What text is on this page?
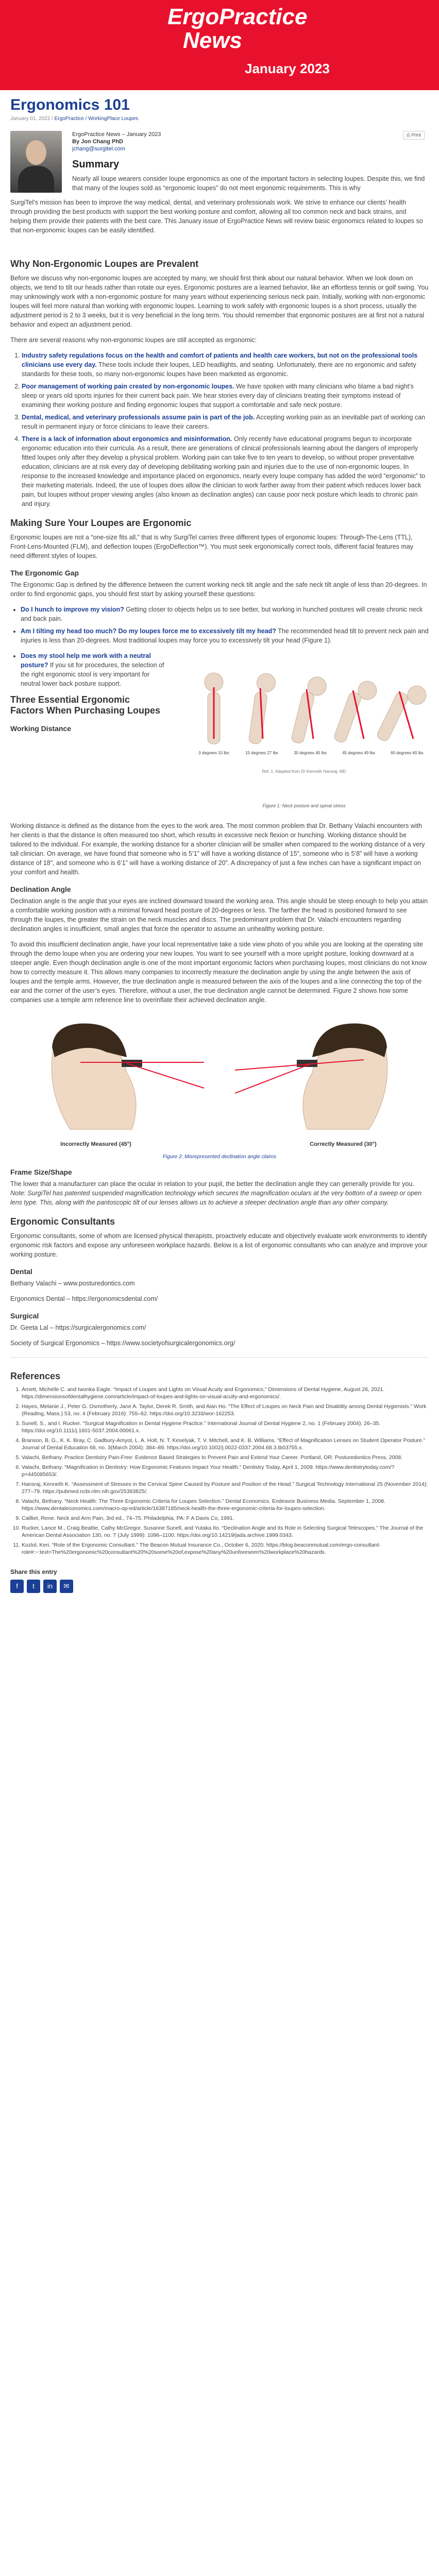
ErgoPractice
News
January 2023
Ergonomics 101
January 01, 2022 / ErgoPractice / WorkingPlace Loupes
ErgoPractice News – January 2023
By Jon Chang PhD
jchang@surgitel.com
⎙ Print
Summary
Nearly all loupe wearers consider loupe ergonomics as one of the important factors in selecting loupes. Despite this, we find that many of the loupes sold as “ergonomic loupes” do not meet ergonomic requirements. This is why
SurgiTel’s mission has been to improve the way medical, dental, and veterinary professionals work. We strive to enhance our clients’ health through providing the best products with support the best working posture and comfort, allowing all too common neck and back strains, and helping them provide their patients with the best care. This January issue of ErgoPractice News will review basic ergonomics related to loupes so that non-ergonomic loupes can be easily identified.
Why Non-Ergonomic Loupes are Prevalent

Before we discuss why non-ergonomic loupes are accepted by many, we should first think about our natural behavior. When we look down on objects, we tend to tilt our heads rather than rotate our eyes. Ergonomic postures are a learned behavior, like an effortless tennis or golf swing. You may unknowingly work with a non-ergonomic posture for many years without experiencing serious neck pain. Initially, working with non-ergonomic loupes will feel more natural than working with ergonomic loupes. Learning to work safely with ergonomic loupes is a short process, usually the adjustment period is 2 to 3 weeks, but it is very beneficial in the long term. You should remember that ergonomic postures are at first not a natural behavior and expect an adjustment period.

There are several reasons why non-ergonomic loupes are still accepted as ergonomic:

1. Industry safety regulations focus on the health and comfort of patients and health care workers, but not on the professional tools clinicians use every day. These tools include their loupes, LED headlights, and seating. Unfortunately, there are no ergonomic and safety standards for these tools, so many non-ergonomic loupes have been marketed as ergonomic.
2. Poor management of working pain created by non-ergonomic loupes. We have spoken with many clinicians who blame a bad night’s sleep or years old sports injuries for their current back pain. We hear stories every day of clinicians treating their symptoms instead of examining their working posture and finding ergonomic loupes that support a comfortable and safe neck posture.
3. Dental, medical, and veterinary professionals assume pain is part of the job. Accepting working pain as an inevitable part of working can result in permanent injury or force clinicians to leave their careers.
4. There is a lack of information about ergonomics and misinformation. Only recently have educational programs begun to incorporate ergonomic education into their curricula. As a result, there are generations of clinical professionals learning about the dangers of improperly fitted loupes only after they develop a physical problem. Working pain can take five to ten years to develop, so without proper preventative education, clinicians are at risk every day of developing debilitating working pain and injuries due to the use of non-ergonomic loupes. In response to the increased knowledge and importance placed on ergonomics, nearly every loupe company has added the word “ergonomic” to their marketing materials. Indeed, the use of loupes does allow the clinician to work farther away from their patient which reduces lower back pain, but loupes without proper viewing angles (also known as declination angles) can cause poor neck posture which leads to chronic pain and injury.
Making Sure Your Loupes are Ergonomic

Ergonomic loupes are not a “one-size fits all,” that is why SurgiTel carries three different types of ergonomic loupes: Through-The-Lens (TTL), Front-Lens-Mounted (FLM), and deflection loupes (ErgoDeflection™). You must seek ergonomically correct tools, different facial features may need different styles of loupes.

The Ergonomic Gap

The Ergonomic Gap is defined by the difference between the current working neck tilt angle and the safe neck tilt angle of less than 20-degrees. In order to find ergonomic gaps, you should first start by asking yourself these questions:

• Do I hunch to improve my vision? Getting closer to objects helps us to see better, but working in hunched postures will create chronic neck and back pain.
• Am I tilting my head too much? Do my loupes force me to excessively tilt my head? The recommended head tilt to prevent neck pain and injuries is less than 20-degrees. Most traditional loupes may force you to excessively tilt your head (Figure 1).
• Does my stool help me work with a neutral posture? If you sit for procedures, the selection of the right ergonomic stool is very important for neutral lower back posture support.
Three Essential Ergonomic Factors When Purchasing Loupes
Working Distance
0 degrees 10 lbs	15 degrees 27 lbs	30 degrees 40 lbs	45 degrees 49 lbs	60 degrees 60 lbs
Ref. 1. Adapted from Dr Kenneth Hansraj, MD
Figure 1: Neck posture and spinal stress

Working distance is defined as the distance from the eyes to the work area. The most common problem that Dr. Bethany Valachi encounters with her clients is that the distance is often measured too short, which results in excessive neck flexion or hunching. Working distance should be tailored to the individual. For example, the working distance for a shorter clinician will be smaller when compared to the working distance of a very tall clinician. On average, we have found that someone who is 5’1” will have a working distance of 15”, someone who is 5’8” will have a working distance of 18”, and someone who is 6’1” will have a working distance of 20”. A discrepancy of just a few inches can have a significant impact on your comfort and health.

Declination Angle

Declination angle is the angle that your eyes are inclined downward toward the working area. This angle should be steep enough to help you attain a comfortable working position with a minimal forward head posture of 20-degrees or less. The farther the head is positioned forward to see through the loupes, the greater the strain on the neck muscles and discs. The predominant problem that Dr. Valachi encounters regarding declination angles is insufficient, small angles that force the operator to assume an unhealthy working posture.

To avoid this insufficient declination angle, have your local representative take a side view photo of you while you are looking at the operating site through the demo loupe when you are ordering your new loupes. You want to see yourself with a more upright posture, looking downward at a steeper angle. Even though declination angle is one of the most important ergonomic factors when purchasing loupes, most clinicians do not know how to correctly measure it. This allows many companies to incorrectly measure the declination angle by using the angle between the axis of loupes and the temple arms. However, the true declination angle is measured between the axis of the loupes and a line connecting the top of the ear and the corner of the user’s eyes. Therefore, without a user, the true declination angle cannot be determined. Figure 2 shows how some companies use a temple arm reference line to overinflate their achieved declination angle.

Incorrectly Measured (45°)	Correctly Measured (30°)
Figure 2: Misrepresented declination angle claims
Frame Size/Shape

The lower that a manufacturer can place the ocular in relation to your pupil, the better the declination angle they can generally provide for you. Note: SurgiTel has patented suspended magnification technology which secures the magnification oculars at the very bottom of a sweep or open lens type. This, along with the pantoscopic tilt of our lenses allows us to achieve a steeper declination angle than any other company.

Ergonomic Consultants

Ergonomic consultants, some of whom are licensed physical therapists, proactively educate and objectively evaluate work environments to identify ergonomic risk factors and expose any unforeseen workplace hazards. Below is a list of ergonomic consultants who can analyze and improve your working posture.

Dental

Bethany Valachi – www.posturedontics.com

Ergonomics Dental – https://ergonomicsdental.com/

Surgical

Dr. Geeta Lal – https://surgicalergonomics.com/

Society of Surgical Ergonomics – https://www.societyofsurgicalergonomics.org/

References
1. Arnett, Michelle C. and Iwonka Eagle. “Impact of Loupes and Lights on Visual Acuity and Ergonomics.” Dimensions of Dental Hygiene, August 26, 2021. https://dimensionsofdentalhygiene.com/article/impact-of-loupes-and-lights-on-visual-acuity-and-ergonomics/.
2. Hayes, Melanie J., Peter G. Osmotherly, Jane A. Taylor, Derek R. Smith, and Alan Ho. “The Effect of Loupes on Neck Pain and Disability among Dental Hygienists.” Work (Reading, Mass.) 53, no. 4 (February 2016): 755–62. https://doi.org/10.3233/wor-162253.
3. Sunell, S., and I. Rucker. “Surgical Magnification in Dental Hygiene Practice.” International Journal of Dental Hygiene 2, no. 1 (February 2004): 26–35. https://doi.org/10.1111/j.1601-5037.2004.00061.x.
4. Branson, B. G., K. K. Bray, C. Gadbury-Amyot, L. A. Holt, N. T. Keselyak, T. V. Mitchell, and K. B. Williams. “Effect of Magnification Lenses on Student Operator Posture.” Journal of Dental Education 68, no. 3(March 2004): 384–89. https://doi.org/10.1002/j.0022-0337.2004.68.3.tb03755.x.
5. Valachi, Bethany. Practice Dentistry Pain-Free: Evidence Based Strategies to Prevent Pain and Extend Your Career. Portland, OR: Posturedontics Press, 2008.
6. Valachi, Bethany. “Magnification in Dentistry: How Ergonomic Features Impact Your Health.” Dentistry Today, April 1, 2009. https://www.dentistrytoday.com/?p=445085653/.
7. Hansraj, Kenneth K. “Assessment of Stresses in the Cervical Spine Caused by Posture and Position of the Head.” Surgical Technology International 25 (November 2014): 277–79. https://pubmed.ncbi.nlm.nih.gov/25393825/.
8. Valachi, Bethany. “Neck Health: The Three Ergonomic Criteria for Loupes Selection.” Dental Economics. Endeavor Business Media. September 1, 2008. https://www.dentaleconomics.com/macro-op-ed/article/16387185/neck-health-the-three-ergonomic-criteria-for-loupes-selection.
9. Cailliet, Rene. Neck and Arm Pain, 3rd ed., 74–75. Philadelphia, PA: F A Davis Co, 1991.
10. Rucker, Lance M., Craig Beattie, Cathy McGregor, Susanne Sunell, and Yutaka Ito. “Declination Angle and Its Role in Selecting Surgical Telescopes.” The Journal of the American Dental Association 130, no. 7 (July 1999): 1096–1100. https://doi.org/10.14219/jada.archive.1999.0343.
11. Kozlol, Keri. “Role of the Ergonomic Consultant.” The Beacon Mutual Insurance Co., October 6, 2020. https://blog.beaconmutual.com/ergo-consultant-role#:~:text=The%20ergonomic%20consultant%20%20some%20of,expose%20any%20unforeseen%20workplace%20hazards.
Share this entry
f	t	in	✉
